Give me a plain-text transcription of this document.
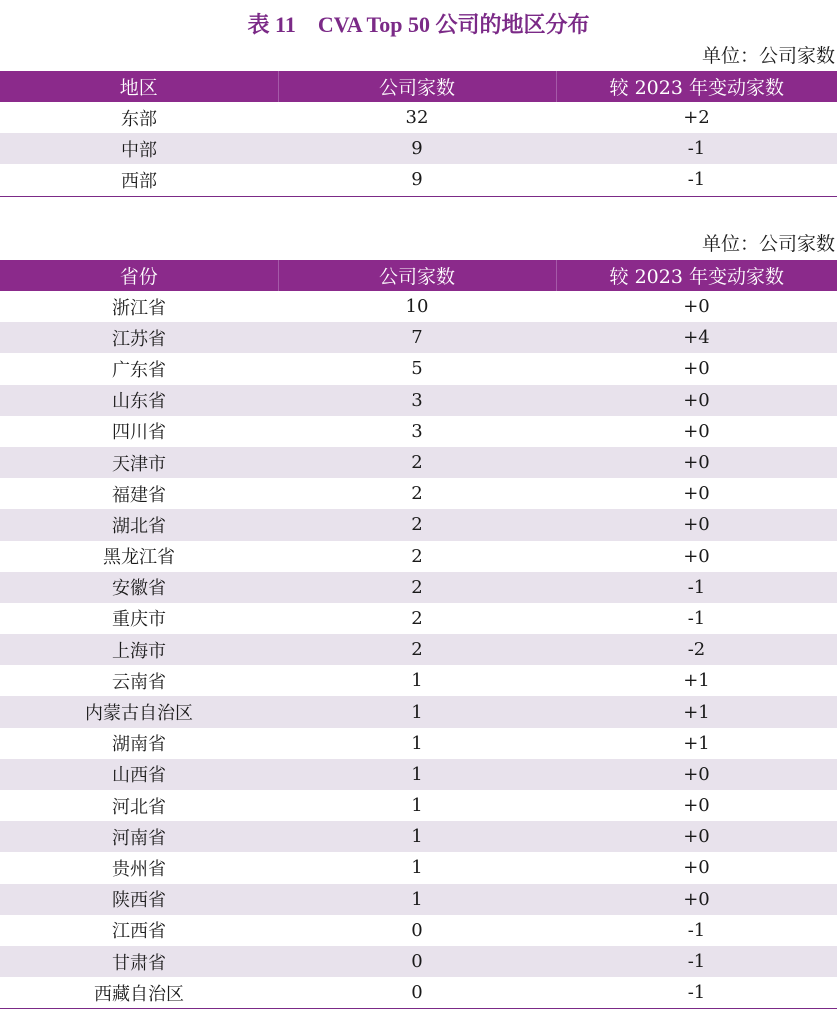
表 11　CVA Top 50 公司的地区分布
单位：公司家数
地区	公司家数	较 2023 年变动家数
东部	32	+2
中部	9	-1
西部	9	-1
单位：公司家数
省份	公司家数	较 2023 年变动家数
浙江省	10	+0
江苏省	7	+4
广东省	5	+0
山东省	3	+0
四川省	3	+0
天津市	2	+0
福建省	2	+0
湖北省	2	+0
黑龙江省	2	+0
安徽省	2	-1
重庆市	2	-1
上海市	2	-2
云南省	1	+1
内蒙古自治区	1	+1
湖南省	1	+1
山西省	1	+0
河北省	1	+0
河南省	1	+0
贵州省	1	+0
陕西省	1	+0
江西省	0	-1
甘肃省	0	-1
西藏自治区	0	-1
